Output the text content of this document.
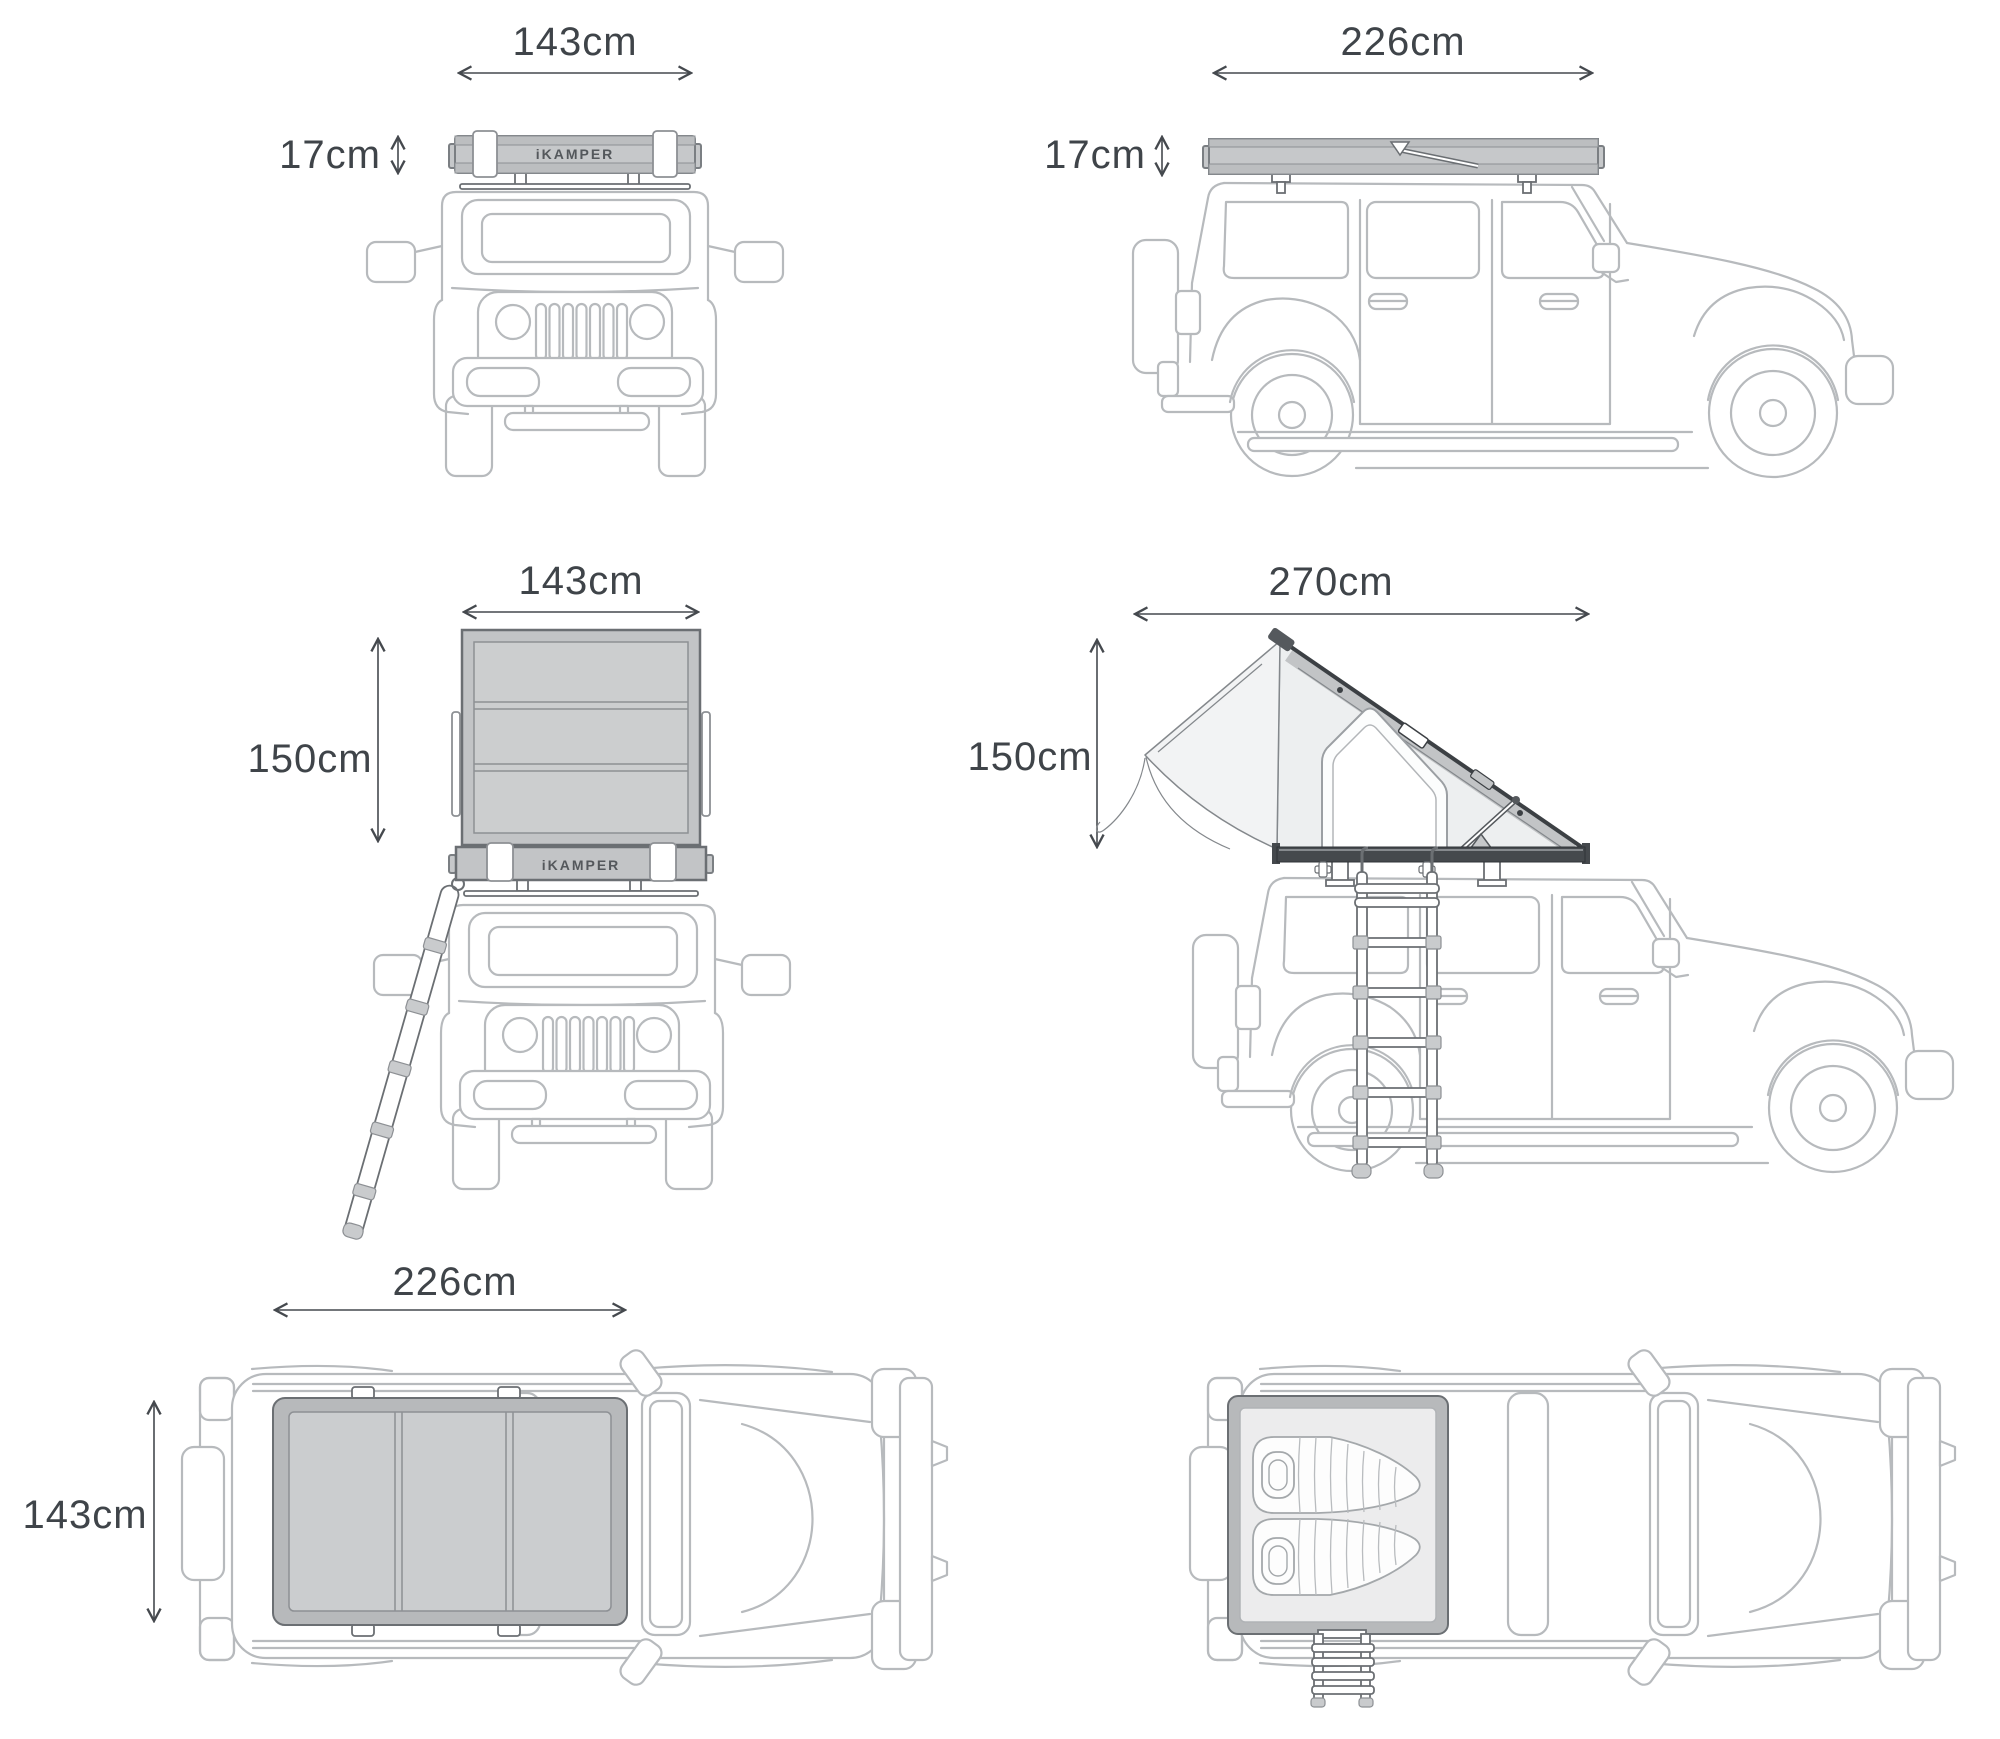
143cm
17cm	iKAMPER
226cm
17cm
143cm
150cm
iKAMPER
270cm
150cm
226cm
143cm
